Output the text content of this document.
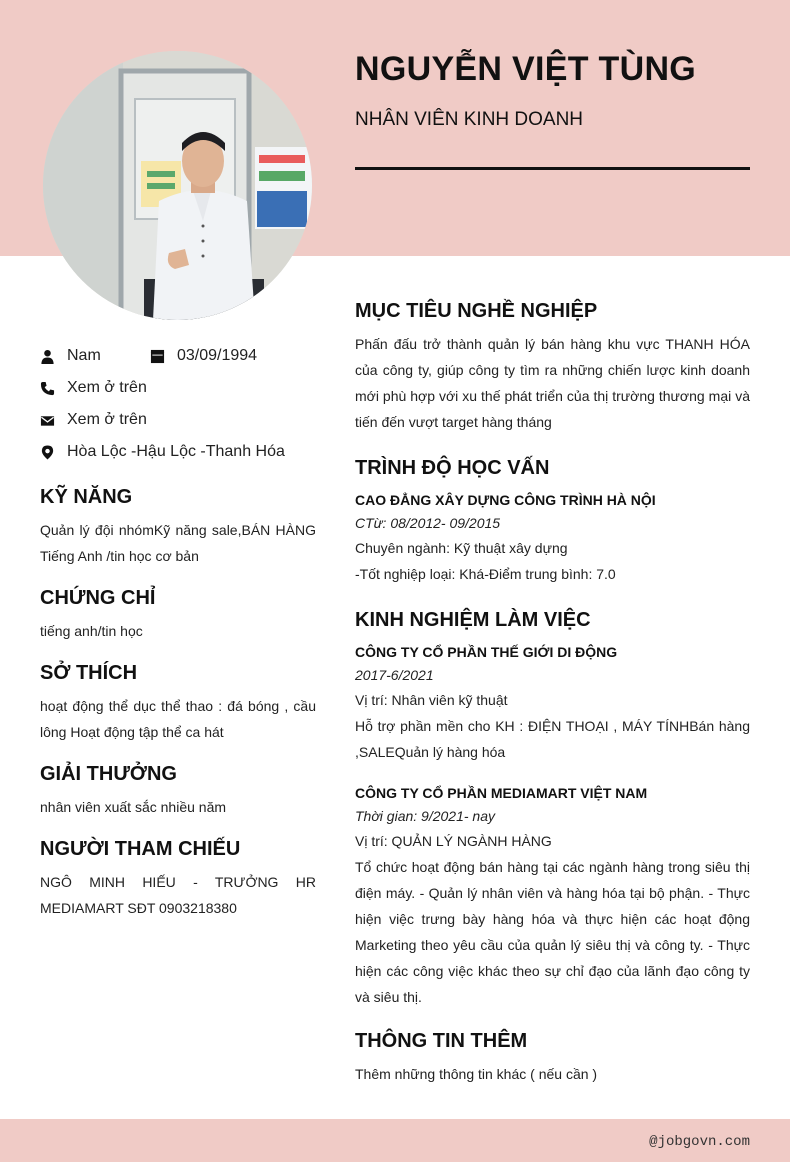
NGUYỄN VIỆT TÙNG
NHÂN VIÊN KINH DOANH
Nam	03/09/1994
Xem ở trên
Xem ở trên
Hòa Lộc -Hậu Lộc -Thanh Hóa
KỸ NĂNG
Quản lý đội nhómKỹ năng sale,BÁN HÀNG Tiếng Anh /tin học cơ bản
CHỨNG CHỈ
tiếng anh/tin học
SỞ THÍCH
hoạt động thể dục thể thao : đá bóng , cầu lông Hoạt động tập thể ca hát
GIẢI THƯỞNG
nhân viên xuất sắc nhiều năm
NGƯỜI THAM CHIẾU
NGÔ MINH HIẾU - TRƯỞNG HR MEDIAMART SĐT 0903218380
MỤC TIÊU NGHỀ NGHIỆP
Phấn đấu trở thành quản lý bán hàng khu vực THANH HÓA của công ty, giúp công ty tìm ra những chiến lược kinh doanh mới phù hợp với xu thế phát triển của thị trường thương mại và tiến đến vượt target hàng tháng
TRÌNH ĐỘ HỌC VẤN
CAO ĐẲNG XÂY DỰNG CÔNG TRÌNH HÀ NỘI
CTừ: 08/2012- 09/2015
Chuyên ngành: Kỹ thuật xây dựng
-Tốt nghiệp loại: Khá-Điểm trung bình: 7.0
KINH NGHIỆM LÀM VIỆC
CÔNG TY CỔ PHẦN THẾ GIỚI DI ĐỘNG
2017-6/2021
Vị trí: Nhân viên kỹ thuật
Hỗ trợ phần mền cho KH : ĐIỆN THOẠI , MÁY TÍNHBán hàng ,SALEQuản lý hàng hóa
CÔNG TY CỔ PHẦN MEDIAMART VIỆT NAM
Thời gian: 9/2021- nay
Vị trí: QUẢN LÝ NGÀNH HÀNG
Tổ chức hoạt động bán hàng tại các ngành hàng trong siêu thị điện máy. - Quản lý nhân viên và hàng hóa tại bộ phận. - Thực hiện việc trưng bày hàng hóa và thực hiện các hoạt động Marketing theo yêu cầu của quản lý siêu thị và công ty. - Thực hiện các công việc khác theo sự chỉ đạo của lãnh đạo công ty và siêu thị.
THÔNG TIN THÊM
Thêm những thông tin khác ( nếu cần )
@jobgovn.com
